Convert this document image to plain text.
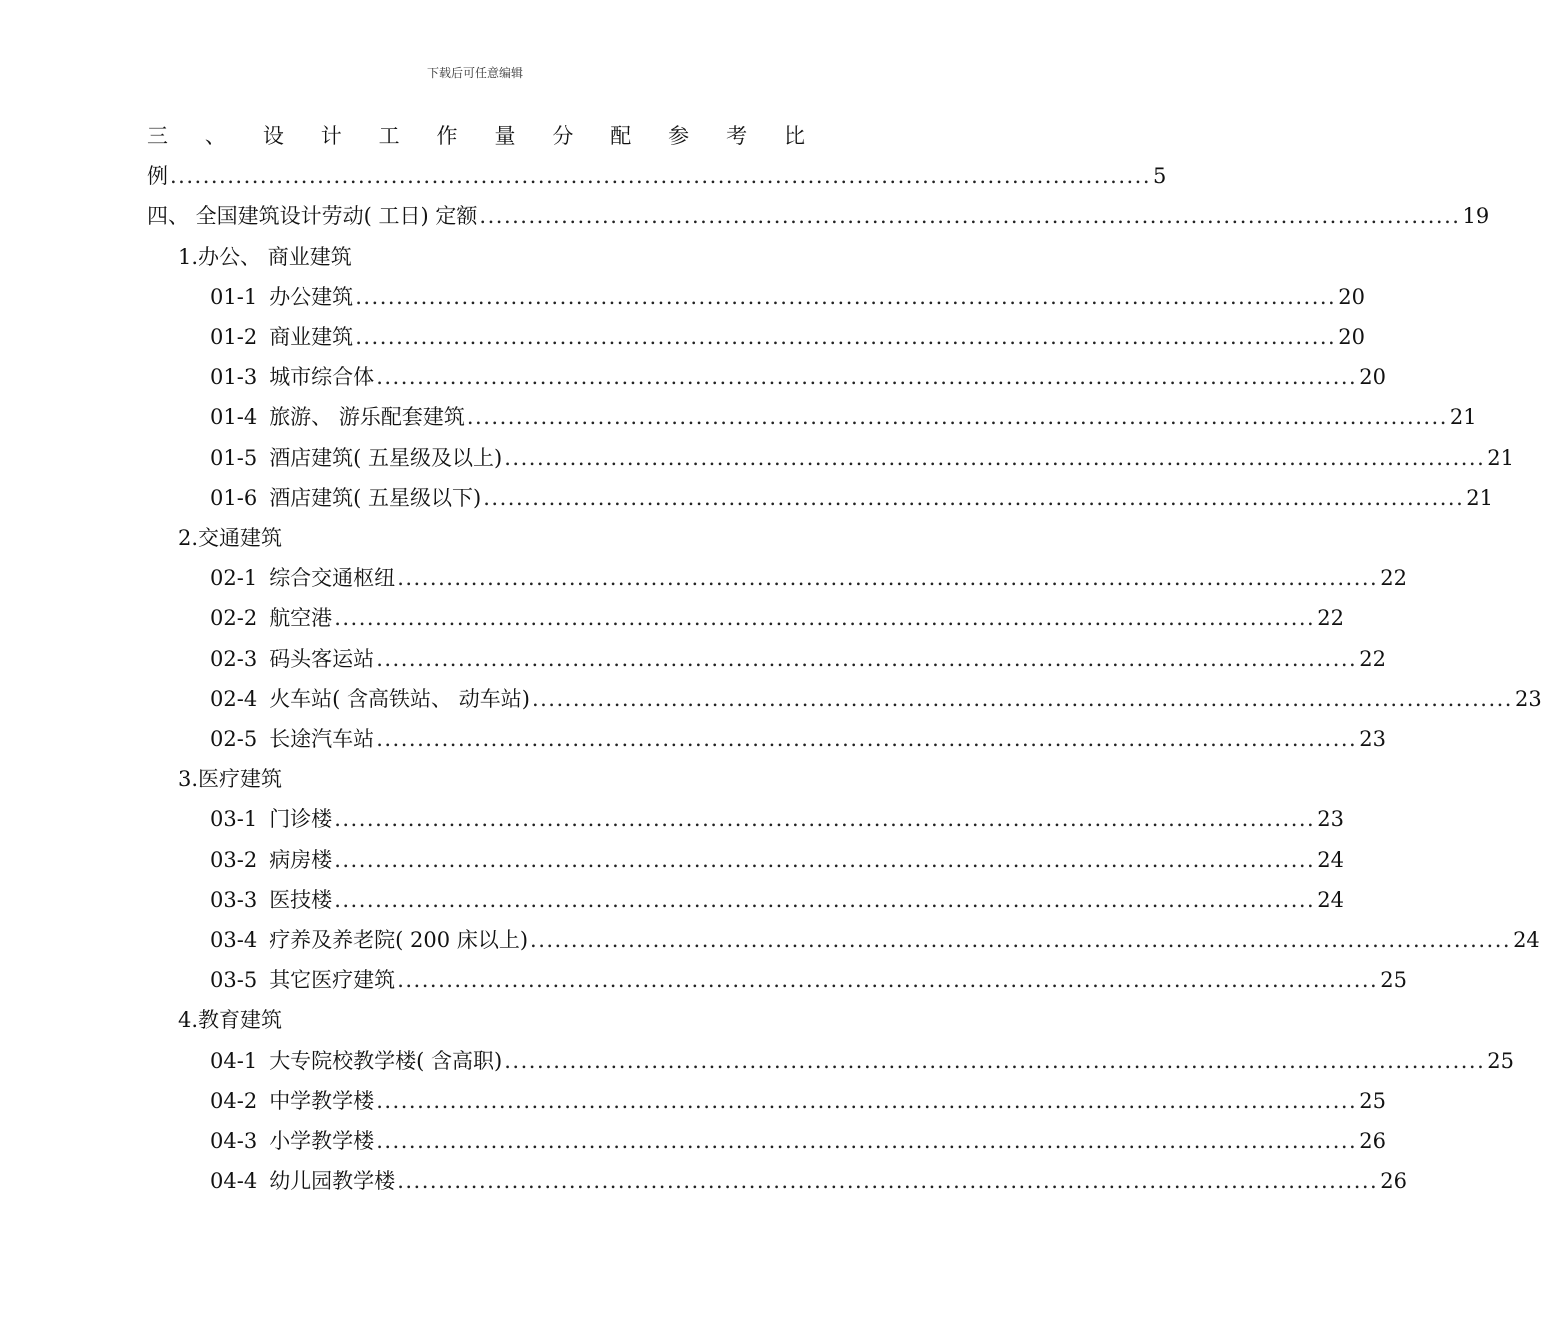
下载后可任意编辑
三 、 设 计 工 作 量 分 配 参 考 比
例 ........................................................................................................................ 5
四、 全国建筑设计劳动( 工日) 定额 ........................................................................................................................ 19
1.办公、 商业建筑
01-1 办公建筑 ........................................................................................................................ 20
01-2 商业建筑 ........................................................................................................................ 20
01-3 城市综合体 ........................................................................................................................ 20
01-4 旅游、 游乐配套建筑 ........................................................................................................................ 21
01-5 酒店建筑( 五星级及以上) ........................................................................................................................ 21
01-6 酒店建筑( 五星级以下) ........................................................................................................................ 21
2.交通建筑
02-1 综合交通枢纽 ........................................................................................................................ 22
02-2 航空港 ........................................................................................................................ 22
02-3 码头客运站 ........................................................................................................................ 22
02-4 火车站( 含高铁站、 动车站) ........................................................................................................................ 23
02-5 长途汽车站 ........................................................................................................................ 23
3.医疗建筑
03-1 门诊楼 ........................................................................................................................ 23
03-2 病房楼 ........................................................................................................................ 24
03-3 医技楼 ........................................................................................................................ 24
03-4 疗养及养老院( 200 床以上) ........................................................................................................................ 24
03-5 其它医疗建筑 ........................................................................................................................ 25
4.教育建筑
04-1 大专院校教学楼( 含高职) ........................................................................................................................ 25
04-2 中学教学楼 ........................................................................................................................ 25
04-3 小学教学楼 ........................................................................................................................ 26
04-4 幼儿园教学楼 ........................................................................................................................ 26
